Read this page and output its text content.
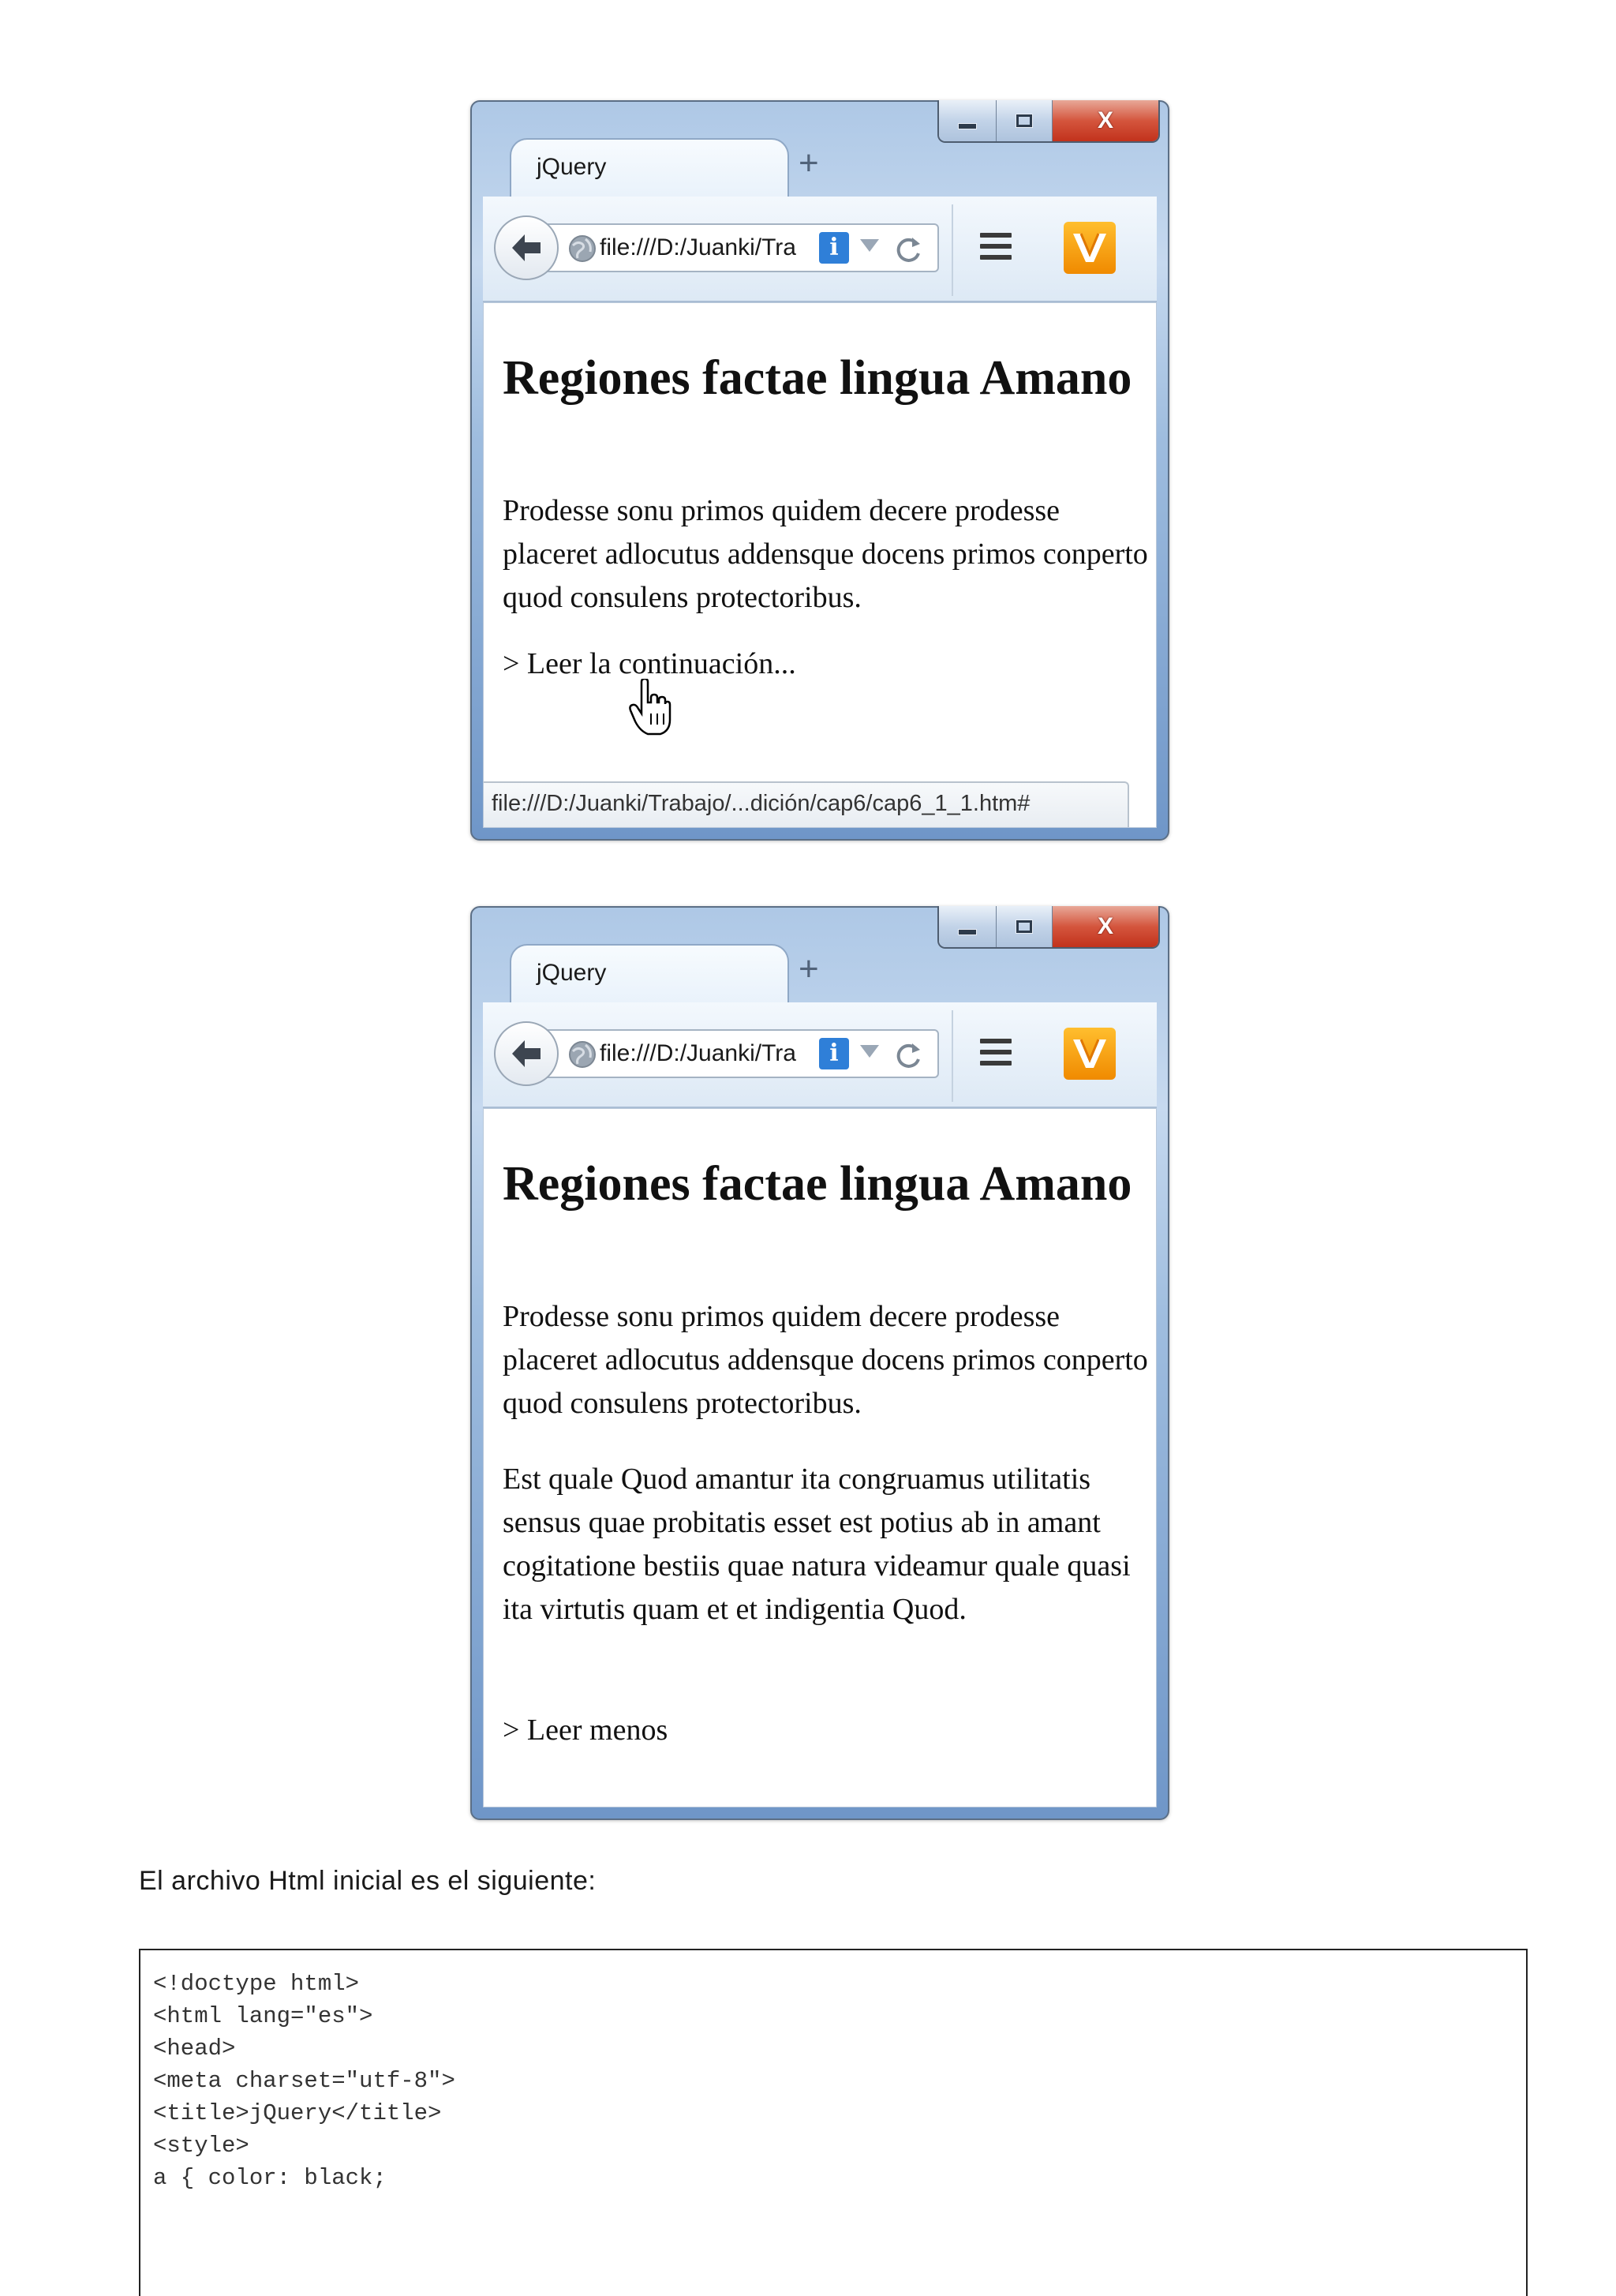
X
jQuery	+
file:///D:/Juanki/Tra	i
Regiones factae lingua Amano
Prodesse sonu primos quidem decere prodesse placeret adlocutus addensque docens primos conperto quod consulens protectoribus.
> Leer la continuación...
file:///D:/Juanki/Trabajo/...dición/cap6/cap6_1_1.htm#
X
jQuery	+
file:///D:/Juanki/Tra	i
Regiones factae lingua Amano
Prodesse sonu primos quidem decere prodesse placeret adlocutus addensque docens primos conperto quod consulens protectoribus.
Est quale Quod amantur ita congruamus utilitatis sensus quae probitatis esset est potius ab in amant cogitatione bestiis quae natura videamur quale quasi ita virtutis quam et et indigentia Quod.
> Leer menos
El archivo Html inicial es el siguiente:
<!doctype html>
<html lang="es">
<head>
<meta charset="utf-8">
<title>jQuery</title>
<style>
a { color: black;
